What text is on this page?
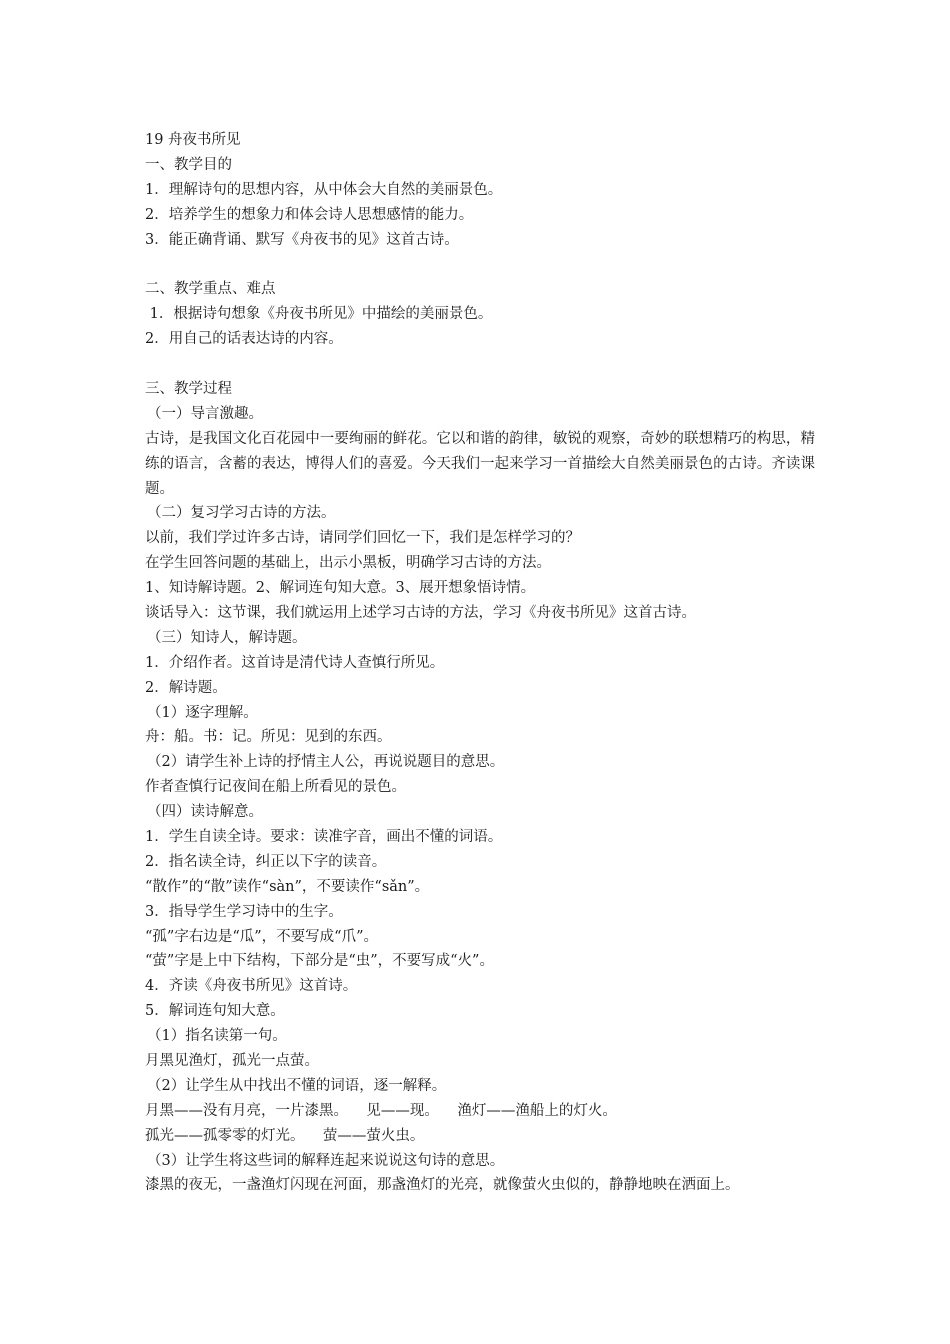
19 舟夜书所见
一、教学目的
1．理解诗句的思想内容，从中体会大自然的美丽景色。
2．培养学生的想象力和体会诗人思想感情的能力。
3．能正确背诵、默写《舟夜书的见》这首古诗。
二、教学重点、难点
1．根据诗句想象《舟夜书所见》中描绘的美丽景色。
2．用自己的话表达诗的内容。
三、教学过程
（一）导言激趣。
古诗，是我国文化百花园中一要绚丽的鲜花。它以和谐的韵律，敏锐的观察，奇妙的联想精巧的构思，精练的语言，含蓄的表达，博得人们的喜爱。今天我们一起来学习一首描绘大自然美丽景色的古诗。齐读课题。
（二）复习学习古诗的方法。
以前，我们学过许多古诗，请同学们回忆一下，我们是怎样学习的？
在学生回答问题的基础上，出示小黑板，明确学习古诗的方法。
1、知诗解诗题。2、解词连句知大意。3、展开想象悟诗情。
谈话导入：这节课，我们就运用上述学习古诗的方法，学习《舟夜书所见》这首古诗。
（三）知诗人，解诗题。
1．介绍作者。这首诗是清代诗人查慎行所见。
2．解诗题。
（1）逐字理解。
舟：船。书：记。所见：见到的东西。
（2）请学生补上诗的抒情主人公，再说说题目的意思。
作者查慎行记夜间在船上所看见的景色。
（四）读诗解意。
1．学生自读全诗。要求：读准字音，画出不懂的词语。
2．指名读全诗，纠正以下字的读音。
“散作”的“散”读作“sàn”，不要读作“sǎn”。
3．指导学生学习诗中的生字。
“孤”字右边是“瓜”，不要写成“爪”。
“萤”字是上中下结构，下部分是“虫”，不要写成“火”。
4．齐读《舟夜书所见》这首诗。
5．解词连句知大意。
（1）指名读第一句。
月黑见渔灯，孤光一点萤。
（2）让学生从中找出不懂的词语，逐一解释。
月黑——没有月亮，一片漆黑。    见——现。    渔灯——渔船上的灯火。
孤光——孤零零的灯光。    萤——萤火虫。
（3）让学生将这些词的解释连起来说说这句诗的意思。
漆黑的夜无，一盏渔灯闪现在河面，那盏渔灯的光亮，就像萤火虫似的，静静地映在洒面上。
